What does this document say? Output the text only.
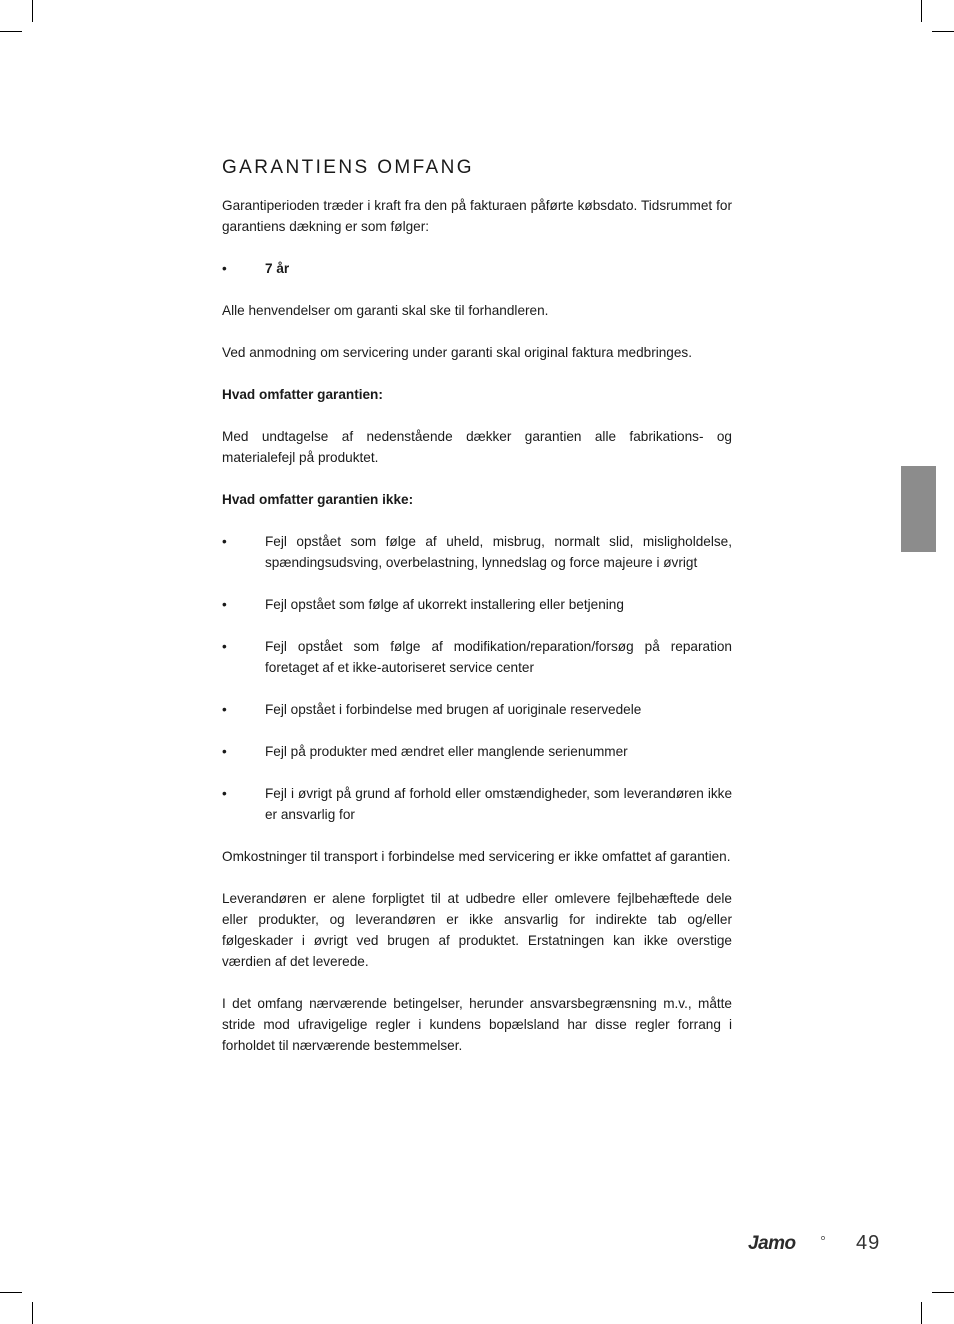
GARANTIENS OMFANG

Garantiperioden træder i kraft fra den på fakturaen påførte købsdato. Tidsrummet for garantiens dækning er som følger:

•	7 år

Alle henvendelser om garanti skal ske til forhandleren.

Ved anmodning om servicering under garanti skal original faktura medbringes.

Hvad omfatter garantien:

Med undtagelse af nedenstående dækker garantien alle fabrikations- og materialefejl på produktet.

Hvad omfatter garantien ikke:

•	Fejl opstået som følge af uheld, misbrug, normalt slid, misligholdelse, spændingsudsving, overbelastning, lynnedslag og force majeure i øvrigt
•	Fejl opstået som følge af ukorrekt installering eller betjening
•	Fejl opstået som følge af modifikation/reparation/forsøg på reparation foretaget af et ikke-autoriseret service center
•	Fejl opstået i forbindelse med brugen af uoriginale reservedele
•	Fejl på produkter med ændret eller manglende serienummer
•	Fejl i øvrigt på grund af forhold eller omstændigheder, som leverandøren ikke er ansvarlig for

Omkostninger til transport i forbindelse med servicering er ikke omfattet af garantien.

Leverandøren er alene forpligtet til at udbedre eller omlevere fejlbehæftede dele eller produkter, og leverandøren er ikke ansvarlig for indirekte tab og/eller følgeskader i øvrigt ved brugen af produktet. Erstatningen kan ikke overstige værdien af det leverede.

I det omfang nærværende betingelser, herunder ansvarsbegrænsning m.v., måtte stride mod ufravigelige regler i kundens bopælsland har disse regler forrang i forholdet til nærværende bestemmelser.

Jamo	49
